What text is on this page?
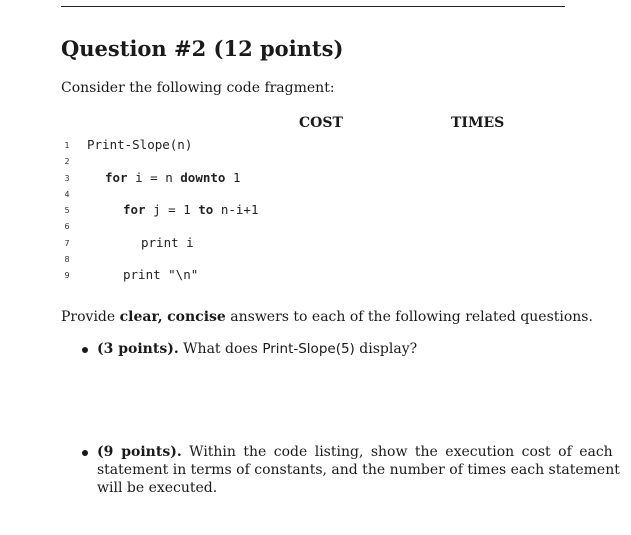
Question #2 (12 points)
Consider the following code fragment:
COST	TIMES
1 Print-Slope(n)
2
3	for i = n downto 1
4
5	for j = 1 to n-i+1
6
7	print i
8
9	print "\n"
Provide clear, concise answers to each of the following related questions.
(3 points). What does Print-Slope(5) display?
(9 points). Within the code listing, show the execution cost of each
statement in terms of constants, and the number of times each statement
will be executed.
